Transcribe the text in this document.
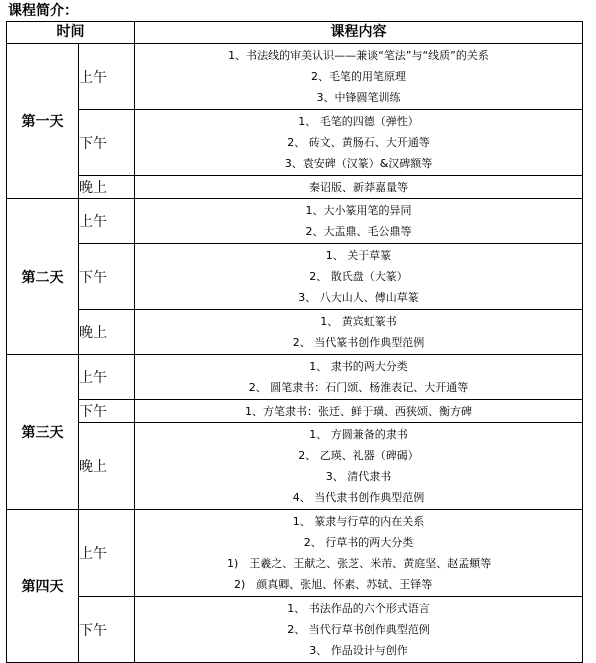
课程简介：
时间		课程内容
第一天	上午	1、书法线的审美认识——兼谈“笔法”与“线质”的关系
2、毛笔的用笔原理
3、中锋圆笔训练

	下午	1、 毛笔的四德（弹性）
2、 砖文、黄肠石、大开通等
3、袁安碑（汉篆）&汉碑额等

	晚上	秦诏版、新莽嘉量等

第二天	上午	1、大小篆用笔的异同
2、大盂鼎、毛公鼎等

	下午	1、 关于草篆
2、 散氏盘（大篆）
3、 八大山人、傅山草篆

	晚上	1、 黄宾虹篆书
2、 当代篆书创作典型范例

第三天	上午	1、 隶书的两大分类
2、 圆笔隶书：石门颂、杨淮表记、大开通等

	下午	1、方笔隶书：张迁、鲜于璜、西狭颂、衡方碑

	晚上	1、 方圆兼备的隶书
2、 乙瑛、礼器（碑碣）
3、 清代隶书
4、 当代隶书创作典型范例

第四天	上午	1、 篆隶与行草的内在关系
2、 行草书的两大分类
1)　王羲之、王献之、张芝、米芾、黄庭坚、赵孟頫等
2)　颜真卿、张旭、怀素、苏轼、王铎等

	下午	1、 书法作品的六个形式语言
2、 当代行草书创作典型范例
3、 作品设计与创作
